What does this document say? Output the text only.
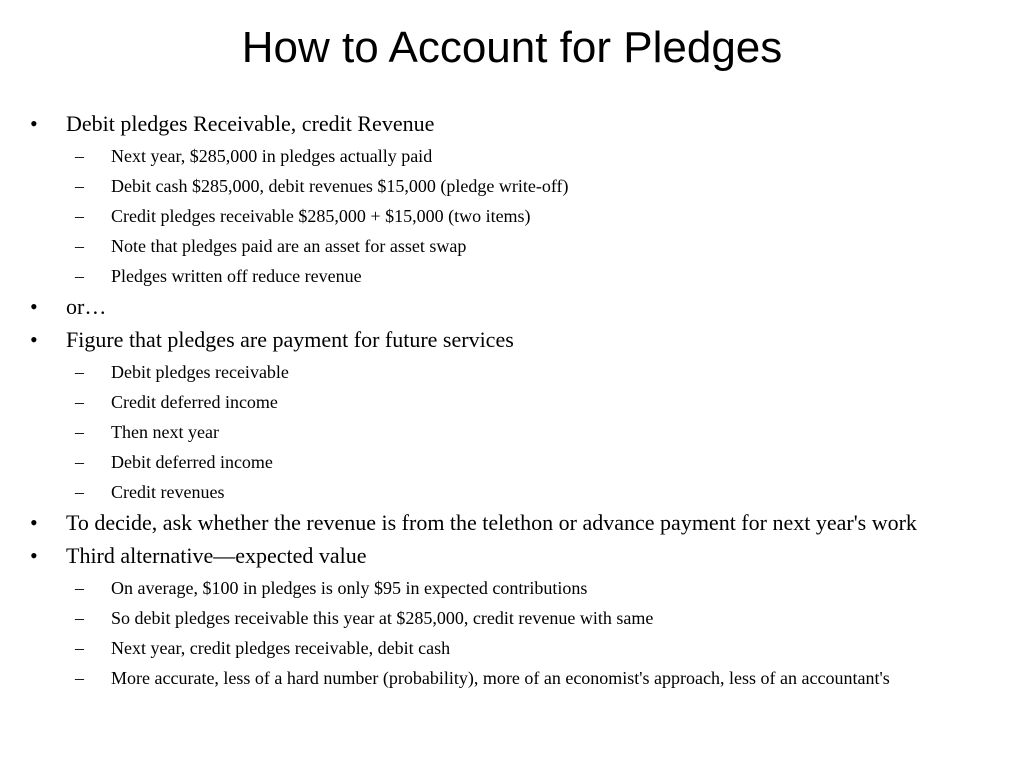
How to Account for Pledges
• Debit pledges Receivable, credit Revenue
– Next year, $285,000 in pledges actually paid
– Debit cash $285,000, debit revenues $15,000 (pledge write-off)
– Credit pledges receivable $285,000 + $15,000 (two items)
– Note that pledges paid are an asset for asset swap
– Pledges written off reduce revenue
• or…
• Figure that pledges are payment for future services
– Debit pledges receivable
– Credit deferred income
– Then next year
– Debit deferred income
– Credit revenues
• To decide, ask whether the revenue is from the telethon or advance payment for next year's work
• Third alternative—expected value
– On average, $100 in pledges is only $95 in expected contributions
– So debit pledges receivable this year at $285,000, credit revenue with same
– Next year, credit pledges receivable, debit cash
– More accurate, less of a hard number (probability), more of an economist's approach, less of an accountant's
